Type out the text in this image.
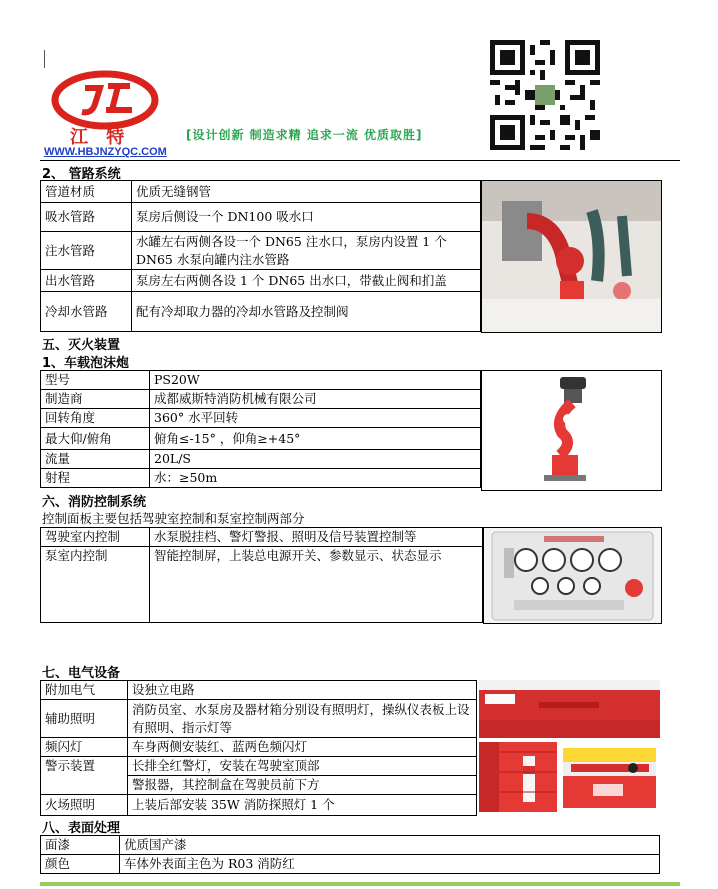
江 特
WWW.HBJNZYQC.COM
[设计创新 制造求精 追求一流 优质取胜]
2、 管路系统
管道材质	优质无缝钢管
吸水管路	泵房后侧设一个 DN100 吸水口
注水管路	水罐左右两侧各设一个 DN65 注水口，泵房内设置 1 个 DN65 水泵向罐内注水管路
出水管路	泵房左右两侧各设 1 个 DN65 出水口，带截止阀和扪盖
冷却水管路	配有冷却取力器的冷却水管路及控制阀
五、灭火装置
1、车载泡沫炮
型号	PS20W
制造商	成都威斯特消防机械有限公司
回转角度	360° 水平回转
最大仰/俯角	俯角≤-15° ，仰角≥+45°
流量	20L/S
射程	水：≥50m
六、消防控制系统
控制面板主要包括驾驶室控制和泵室控制两部分
驾驶室内控制	水泵脱挂档、警灯警报、照明及信号装置控制等
泵室内控制	智能控制屏，上装总电源开关、参数显示、状态显示
七、电气设备
附加电气	设独立电路
辅助照明	消防员室、水泵房及器材箱分别设有照明灯，操纵仪表板上设有照明、指示灯等
频闪灯	车身两侧安装红、蓝两色频闪灯
警示装置	长排全红警灯，安装在驾驶室顶部
	警报器，其控制盒在驾驶员前下方
火场照明	上装后部安装 35W 消防探照灯 1 个
八、表面处理
面漆	优质国产漆
颜色	车体外表面主色为 R03 消防红
